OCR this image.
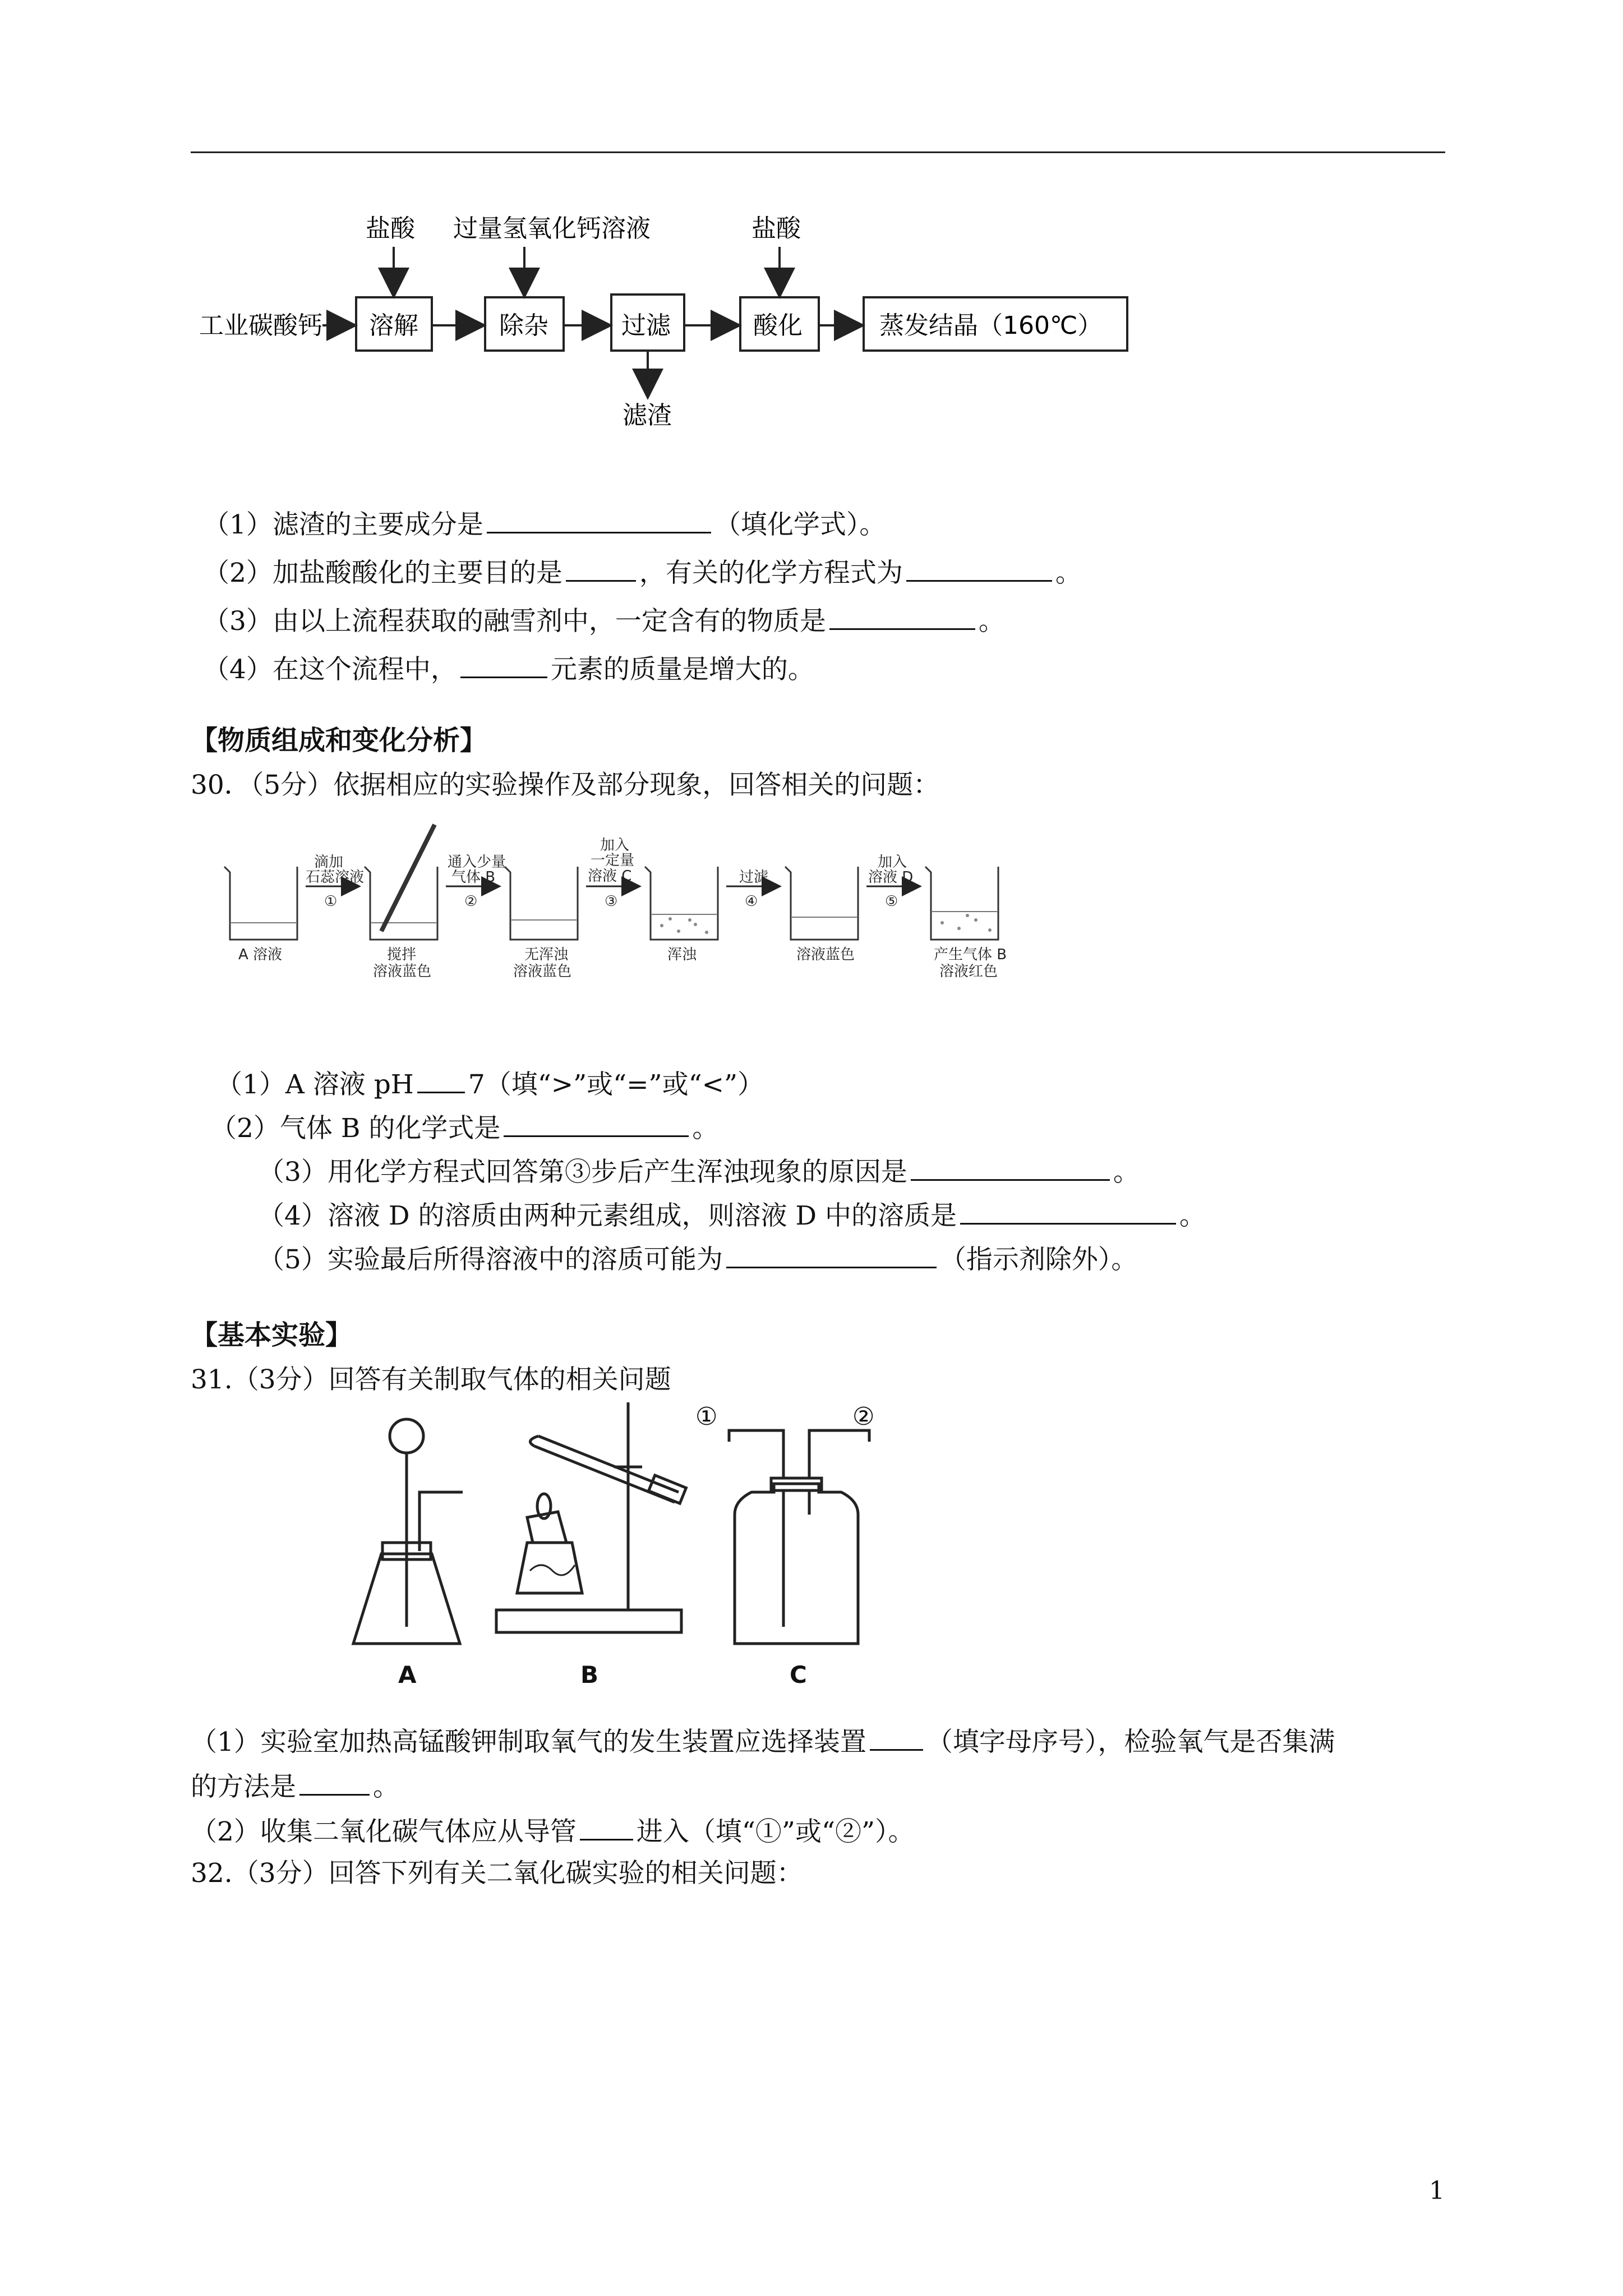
工业碳酸钙 溶解
盐酸
除杂
过量氢氧化钙溶液
过滤
滤渣
酸化
盐酸
蒸发结晶（160℃）
（1）滤渣的主要成分是	（填化学式）。
（2）加盐酸酸化的主要目的是	，有关的化学方程式为	。
（3）由以上流程获取的融雪剂中，一定含有的物质是	。
（4）在这个流程中，	元素的质量是增大的。
【物质组成和变化分析】
30．（5分）依据相应的实验操作及部分现象，回答相关的问题：
滴加
石蕊溶液
①
通入少量
气体 B
②
加入
一定量
溶液 C
③
过滤
④
加入
溶液 D
⑤
A 溶液	搅拌
溶液蓝色
无浑浊
溶液蓝色
浑浊	溶液蓝色	产生气体 B
溶液红色
（1）A 溶液 pH 7（填“>”或“=”或“<”）
（2）气体 B 的化学式是	。
（3）用化学方程式回答第③步后产生浑浊现象的原因是	。
（4）溶液 D 的溶质由两种元素组成，则溶液 D 中的溶质是	。
（5）实验最后所得溶液中的溶质可能为	（指示剂除外）。
【基本实验】
31.（3分）回答有关制取气体的相关问题
①	②
A	B	C
（1）实验室加热高锰酸钾制取氧气的发生装置应选择装置 （填字母序号），检验氧气是否集满
的方法是	。
（2）收集二氧化碳气体应从导管 进入（填“①”或“②”）。
32.（3分）回答下列有关二氧化碳实验的相关问题：
1
